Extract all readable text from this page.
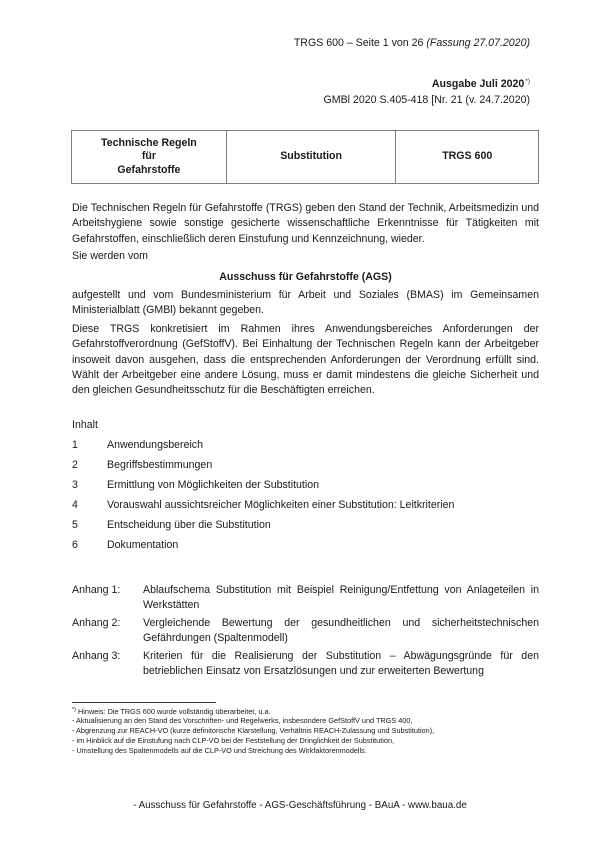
TRGS 600 – Seite 1 von 26 (Fassung 27.07.2020)
Ausgabe Juli 2020*)
GMBl 2020 S.405-418 [Nr. 21 (v. 24.7.2020)
Technische Regeln
für
Gefahrstoffe
	Substitution	TRGS 600
Die Technischen Regeln für Gefahrstoffe (TRGS) geben den Stand der Technik, Arbeitsmedizin und Arbeitshygiene sowie sonstige gesicherte wissenschaftliche Erkenntnisse für Tätigkeiten mit Gefahrstoffen, einschließlich deren Einstufung und Kennzeichnung, wieder.
Sie werden vom
Ausschuss für Gefahrstoffe (AGS)
aufgestellt und vom Bundesministerium für Arbeit und Soziales (BMAS) im Gemeinsamen Ministerialblatt (GMBl) bekannt gegeben.
Diese TRGS konkretisiert im Rahmen ihres Anwendungsbereiches Anforderungen der Gefahrstoffverordnung (GefStoffV). Bei Einhaltung der Technischen Regeln kann der Arbeitgeber insoweit davon ausgehen, dass die entsprechenden Anforderungen der Verordnung erfüllt sind. Wählt der Arbeitgeber eine andere Lösung, muss er damit mindestens die gleiche Sicherheit und den gleichen Gesundheitsschutz für die Beschäftigten erreichen.
Inhalt
1	Anwendungsbereich
2	Begriffsbestimmungen
3	Ermittlung von Möglichkeiten der Substitution
4	Vorauswahl aussichtsreicher Möglichkeiten einer Substitution: Leitkriterien
5	Entscheidung über die Substitution
6	Dokumentation
Anhang 1: Ablaufschema Substitution mit Beispiel Reinigung/Entfettung von Anlageteilen in Werkstätten
Anhang 2: Vergleichende Bewertung der gesundheitlichen und sicherheitstechnischen Gefährdungen (Spaltenmodell)
Anhang 3: Kriterien für die Realisierung der Substitution – Abwägungsgründe für den betrieblichen Einsatz von Ersatzlösungen und zur erweiterten Bewertung
*) Hinweis: Die TRGS 600 wurde vollständig überarbeitet, u.a.
- Aktualisierung an den Stand des Vorschriften- und Regelwerks, insbesondere GefStoffV und TRGS 400,
- Abgrenzung zur REACH-VO (kurze definitorische Klarstellung, Verhältnis REACH-Zulassung und Substitution),
- im Hinblick auf die Einstufung nach CLP-VO bei der Feststellung der Dringlichkeit der Substitution,
- Umstellung des Spaltenmodells auf die CLP-VO und Streichung des Wirkfaktorenmodells.
- Ausschuss für Gefahrstoffe - AGS-Geschäftsführung - BAuA - www.baua.de
